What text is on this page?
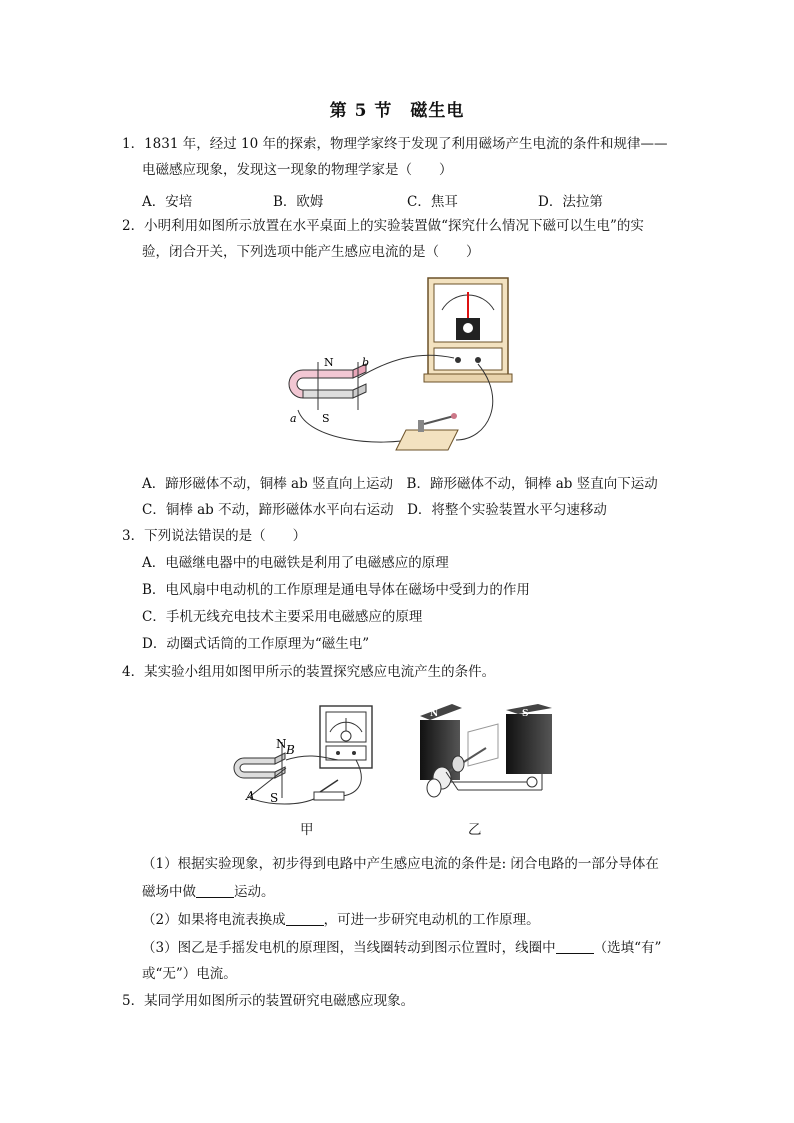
第 5 节　磁生电
1．1831 年，经过 10 年的探索，物理学家终于发现了利用磁场产生电流的条件和规律——
电磁感应现象，发现这一现象的物理学家是（　　）
A．安培	B．欧姆	C．焦耳	D．法拉第
2．小明利用如图所示放置在水平桌面上的实验装置做“探究什么情况下磁可以生电”的实
验，闭合开关，下列选项中能产生感应电流的是（　　）
N
S
a
b
A．蹄形磁体不动，铜棒 ab 竖直向上运动　B．蹄形磁体不动，铜棒 ab 竖直向下运动
C．铜棒 ab 不动，蹄形磁体水平向右运动　D．将整个实验装置水平匀速移动
3．下列说法错误的是（　　）
A．电磁继电器中的电磁铁是利用了电磁感应的原理
B．电风扇中电动机的工作原理是通电导体在磁场中受到力的作用
C．手机无线充电技术主要采用电磁感应的原理
D．动圈式话筒的工作原理为“磁生电”
4．某实验小组用如图甲所示的装置探究感应电流产生的条件。
N B
A S
N	S
甲	乙
（1）根据实验现象，初步得到电路中产生感应电流的条件是: 闭合电路的一部分导体在
磁场中做	运动。
（2）如果将电流表换成	，可进一步研究电动机的工作原理。
（3）图乙是手摇发电机的原理图，当线圈转动到图示位置时，线圈中	（选填“有”
或“无”）电流。
5．某同学用如图所示的装置研究电磁感应现象。
